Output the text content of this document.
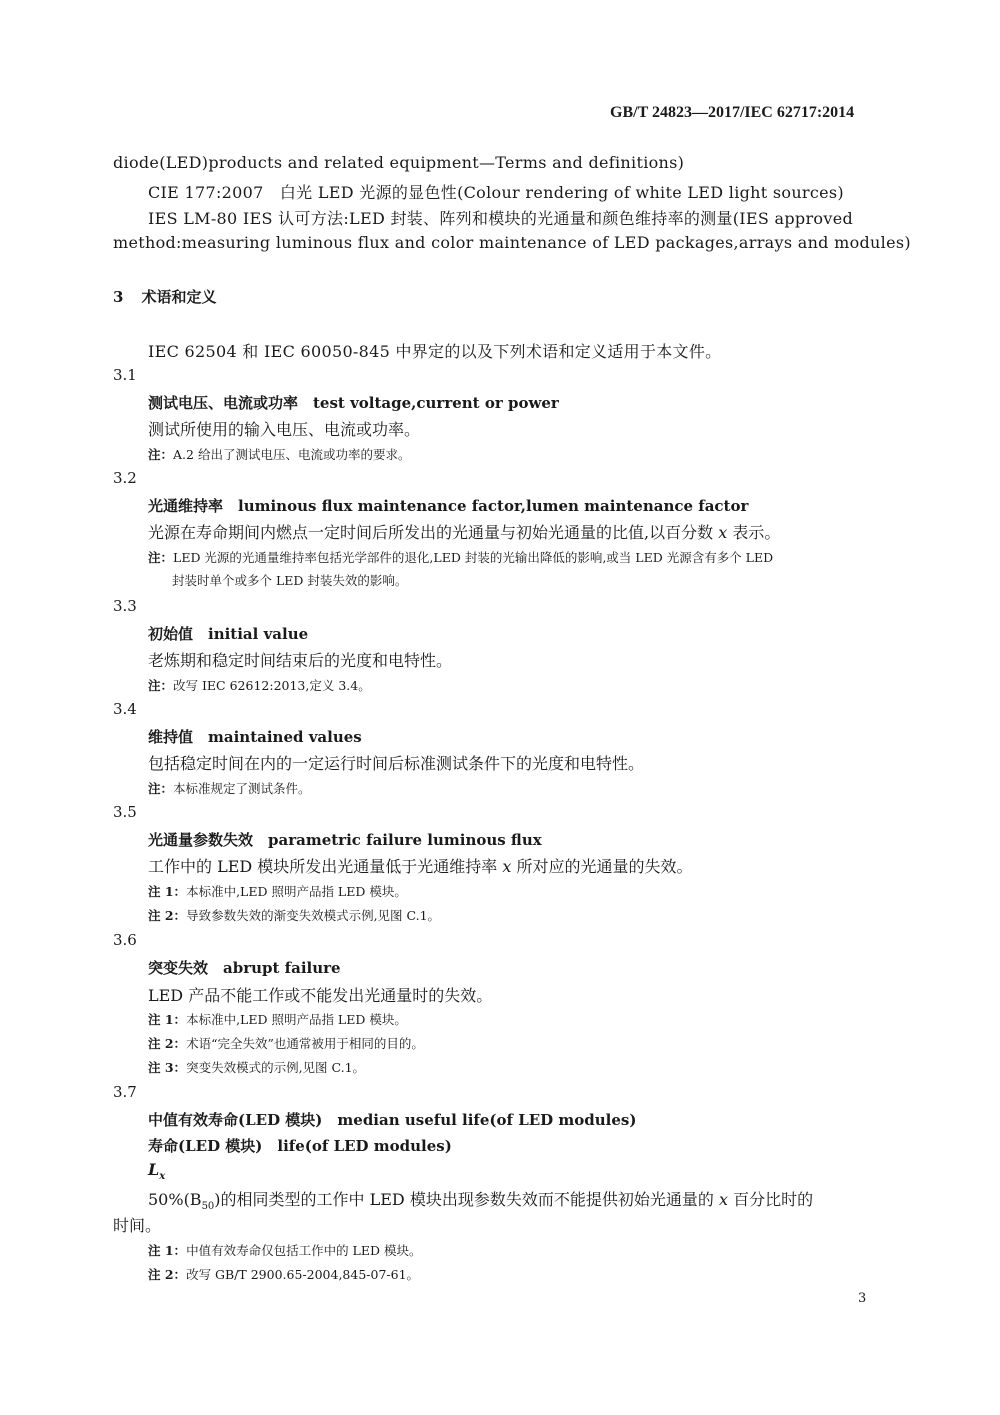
GB/T 24823—2017/IEC 62717:2014
diode(LED)products and related equipment—Terms and definitions)
CIE 177:2007　白光 LED 光源的显色性(Colour rendering of white LED light sources)
IES LM-80 IES 认可方法:LED 封装、阵列和模块的光通量和颜色维持率的测量(IES approved
method:measuring luminous flux and color maintenance of LED packages,arrays and modules)
3 术语和定义
IEC 62504 和 IEC 60050-845 中界定的以及下列术语和定义适用于本文件。
3.1
测试电压、电流或功率　test voltage,current or power
测试所使用的输入电压、电流或功率。
注：A.2 给出了测试电压、电流或功率的要求。
3.2
光通维持率　luminous flux maintenance factor,lumen maintenance factor
光源在寿命期间内燃点一定时间后所发出的光通量与初始光通量的比值,以百分数 x 表示。
注：LED 光源的光通量维持率包括光学部件的退化,LED 封装的光输出降低的影响,或当 LED 光源含有多个 LED
封装时单个或多个 LED 封装失效的影响。
3.3
初始值　initial value
老炼期和稳定时间结束后的光度和电特性。
注：改写 IEC 62612:2013,定义 3.4。
3.4
维持值　maintained values
包括稳定时间在内的一定运行时间后标准测试条件下的光度和电特性。
注：本标准规定了测试条件。
3.5
光通量参数失效　parametric failure luminous flux
工作中的 LED 模块所发出光通量低于光通维持率 x 所对应的光通量的失效。
注 1：本标准中,LED 照明产品指 LED 模块。
注 2：导致参数失效的渐变失效模式示例,见图 C.1。
3.6
突变失效　abrupt failure
LED 产品不能工作或不能发出光通量时的失效。
注 1：本标准中,LED 照明产品指 LED 模块。
注 2：术语“完全失效”也通常被用于相同的目的。
注 3：突变失效模式的示例,见图 C.1。
3.7
中值有效寿命(LED 模块)　median useful life(of LED modules)
寿命(LED 模块)　life(of LED modules)
$L_x$
$50\%(B_{50})$的相同类型的工作中 LED 模块出现参数失效而不能提供初始光通量的 x 百分比时的
时间。
注 1：中值有效寿命仅包括工作中的 LED 模块。
注 2：改写 GB/T 2900.65-2004,845-07-61。
3
